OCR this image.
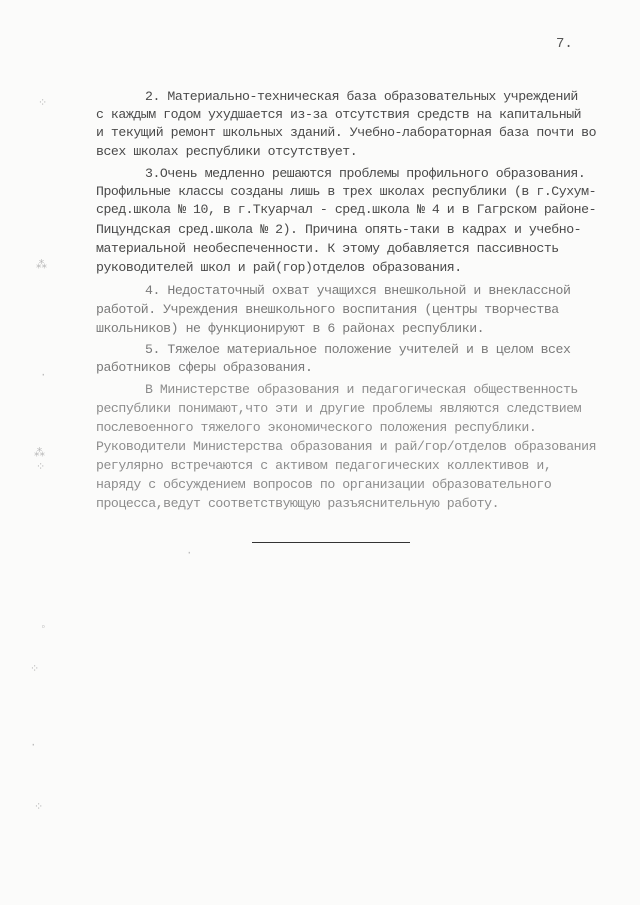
7.
2. Материально-техническая база образовательных учреждений
с каждым годом ухудшается из-за отсутствия средств на капитальный
и текущий ремонт школьных зданий. Учебно-лабораторная база почти во
всех школах республики отсутствует.
3.Очень медленно решаются проблемы профильного образования.
Профильные классы созданы лишь в трех школах республики (в г.Сухум-
сред.школа № 10, в г.Ткуарчал - сред.школа № 4 и в Гагрском районе-
Пицундская сред.школа № 2). Причина опять-таки в кадрах и учебно-
материальной необеспеченности. К этому добавляется пассивность
руководителей школ и рай(гор)отделов образования.
4. Недостаточный охват учащихся внешкольной и внеклассной
работой. Учреждения внешкольного воспитания (центры творчества
школьников) не функционируют в 6 районах республики.
5. Тяжелое материальное положение учителей и в целом всех
работников сферы образования.
В Министерстве образования и педагогическая общественность
республики понимают,что эти и другие проблемы являются следствием
послевоенного тяжелого экономического положения республики.
Руководители Министерства образования и рай/гор/отделов образования
регулярно встречаются с активом педагогических коллективов и,
наряду с обсуждением вопросов по организации образовательного
процесса,ведут соответствующую разъяснительную работу.
⁘
⁂
·
⁂
⁘
◦
⁘
·
⁘
·
